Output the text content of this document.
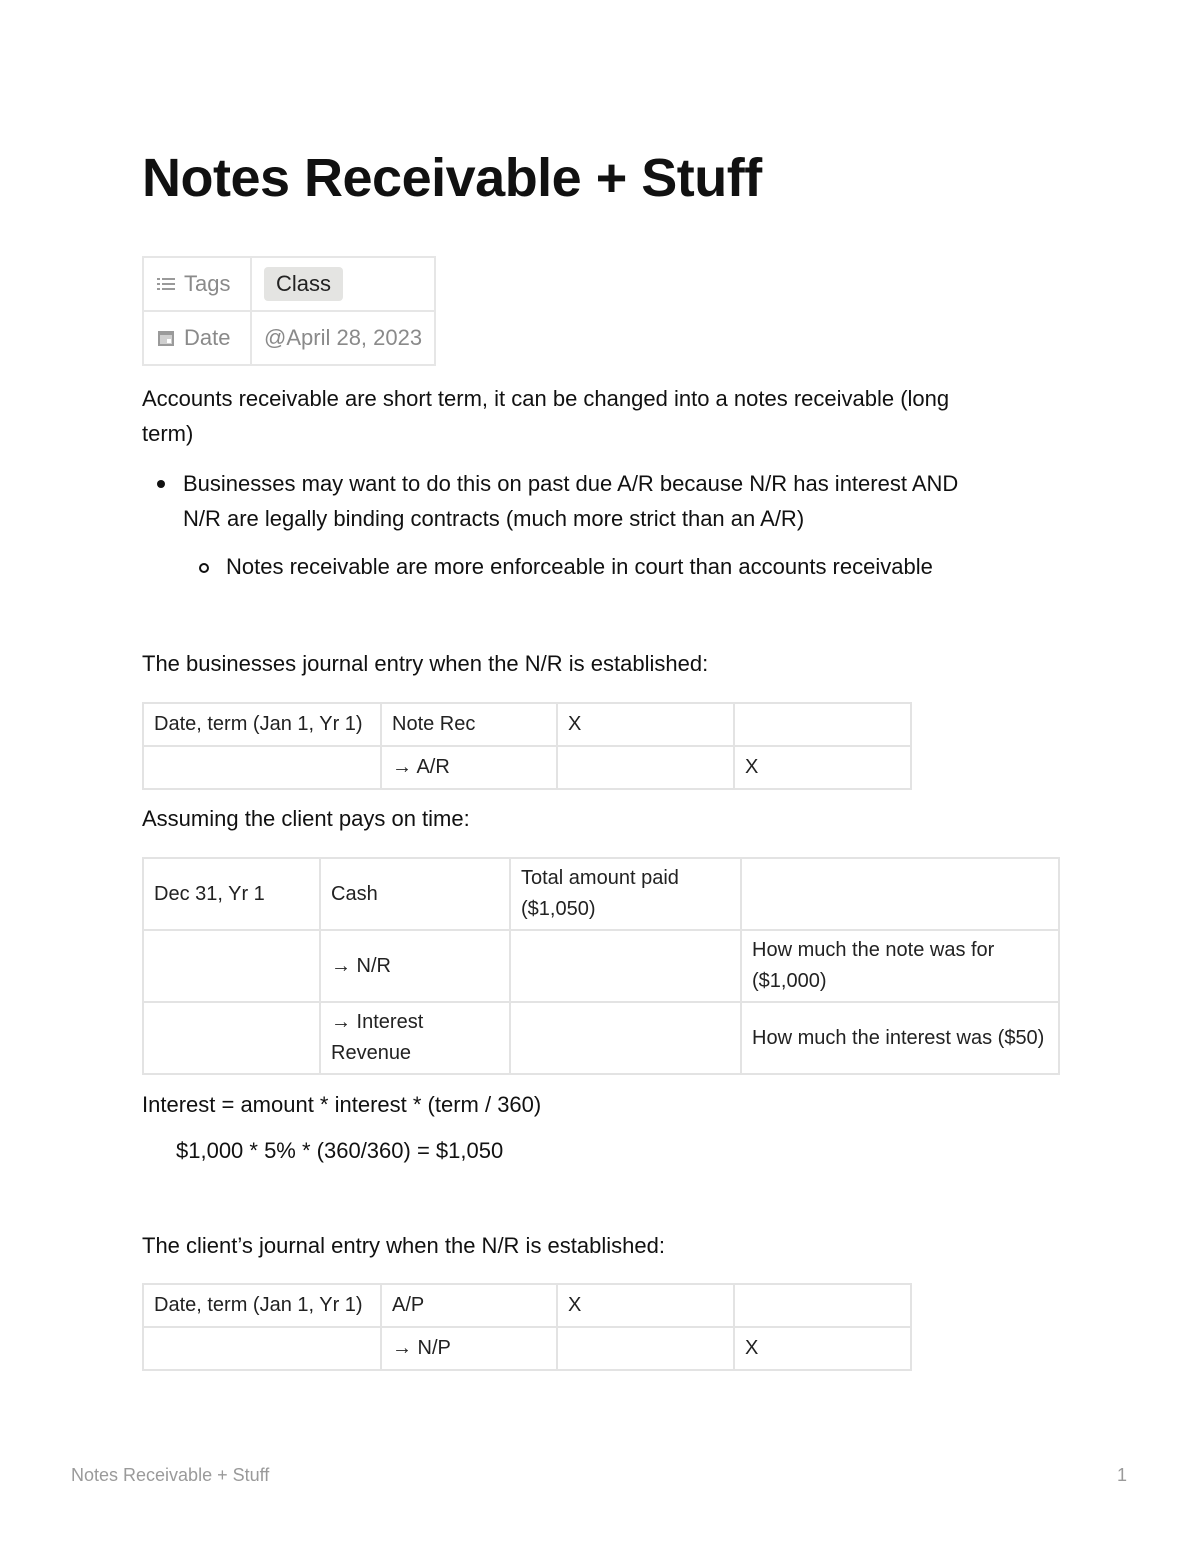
Notes Receivable + Stuff
Tags	Class
Date	@April 28, 2023

Accounts receivable are short term, it can be changed into a notes receivable (long

term)

Businesses may want to do this on past due A/R because N/R has interest AND

N/R are legally binding contracts (much more strict than an A/R)

Notes receivable are more enforceable in court than accounts receivable

The businesses journal entry when the N/R is established:

Date, term (Jan 1, Yr 1)	Note Rec	X	
	→ A/R		X

Assuming the client pays on time:

Dec 31, Yr 1	Cash	Total amount paid ($1,050)	
	→ N/R		How much the note was for ($1,000)
	→ Interest Revenue		How much the interest was ($50)

Interest = amount * interest * (term / 360)

$1,000 * 5% * (360/360) = $1,050

The client’s journal entry when the N/R is established:

Date, term (Jan 1, Yr 1)	A/P	X	
	→ N/P		X
Notes Receivable + Stuff	1
